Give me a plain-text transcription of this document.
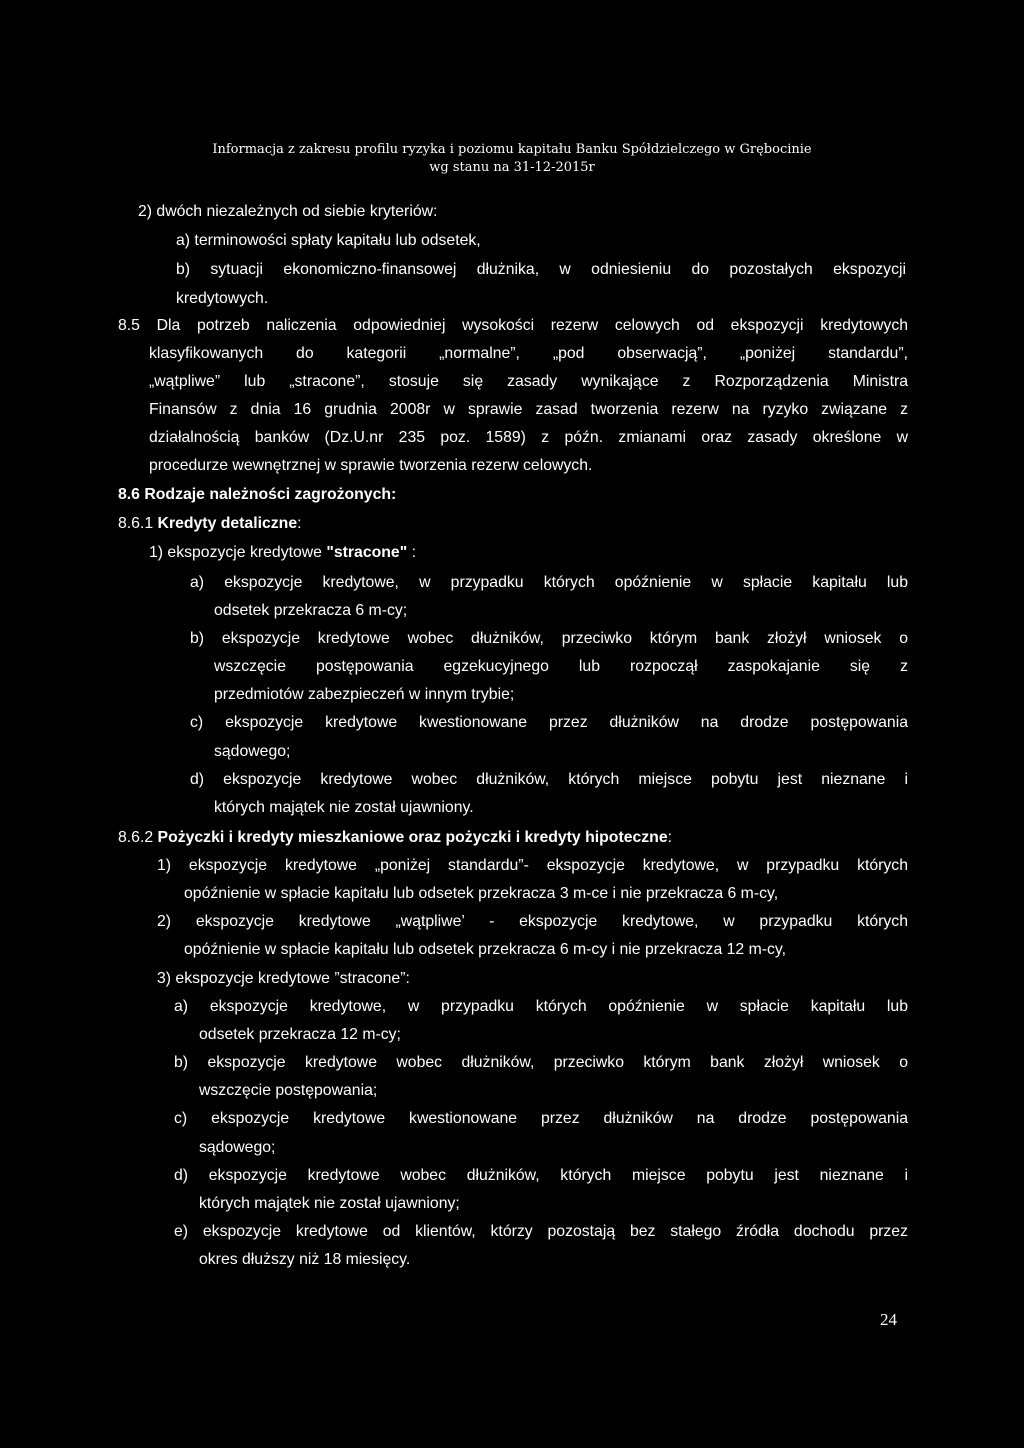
Informacja z zakresu profilu ryzyka i poziomu kapitału Banku Spółdzielczego w Grębocinie
wg stanu na 31-12-2015r
2) dwóch niezależnych od siebie kryteriów:
a) terminowości spłaty kapitału lub odsetek,
b) sytuacji ekonomiczno-finansowej dłużnika, w odniesieniu do pozostałych ekspozycji
kredytowych.
8.5 Dla potrzeb naliczenia odpowiedniej wysokości rezerw celowych od ekspozycji kredytowych
klasyfikowanych do kategorii „normalne”, „pod obserwacją”, „poniżej standardu”,
„wątpliwe” lub „stracone”, stosuje się zasady wynikające z Rozporządzenia Ministra
Finansów z dnia 16 grudnia 2008r w sprawie zasad tworzenia rezerw na ryzyko związane z
działalnością banków (Dz.U.nr 235 poz. 1589) z późn. zmianami oraz zasady określone w
procedurze wewnętrznej w sprawie tworzenia rezerw celowych.
8.6 Rodzaje należności zagrożonych:
8.6.1 Kredyty detaliczne:
1) ekspozycje kredytowe "stracone" :
a) ekspozycje kredytowe, w przypadku których opóźnienie w spłacie kapitału lub
odsetek przekracza 6 m-cy;
b) ekspozycje kredytowe wobec dłużników, przeciwko którym bank złożył wniosek o
wszczęcie postępowania egzekucyjnego lub rozpoczął zaspokajanie się z
przedmiotów zabezpieczeń w innym trybie;
c) ekspozycje kredytowe kwestionowane przez dłużników na drodze postępowania
sądowego;
d) ekspozycje kredytowe wobec dłużników, których miejsce pobytu jest nieznane i
których majątek nie został ujawniony.
8.6.2 Pożyczki i kredyty mieszkaniowe oraz pożyczki i kredyty hipoteczne:
1) ekspozycje kredytowe „poniżej standardu”- ekspozycje kredytowe, w przypadku których
opóźnienie w spłacie kapitału lub odsetek przekracza 3 m-ce i nie przekracza 6 m-cy,
2) ekspozycje kredytowe „wątpliwe’ - ekspozycje kredytowe, w przypadku których
opóźnienie w spłacie kapitału lub odsetek przekracza 6 m-cy i nie przekracza 12 m-cy,
3) ekspozycje kredytowe ”stracone”:
a) ekspozycje kredytowe, w przypadku których opóźnienie w spłacie kapitału lub
odsetek przekracza 12 m-cy;
b) ekspozycje kredytowe wobec dłużników, przeciwko którym bank złożył wniosek o
wszczęcie postępowania;
c) ekspozycje kredytowe kwestionowane przez dłużników na drodze postępowania
sądowego;
d) ekspozycje kredytowe wobec dłużników, których miejsce pobytu jest nieznane i
których majątek nie został ujawniony;
e) ekspozycje kredytowe od klientów, którzy pozostają bez stałego źródła dochodu przez
okres dłuższy niż 18 miesięcy.
24
